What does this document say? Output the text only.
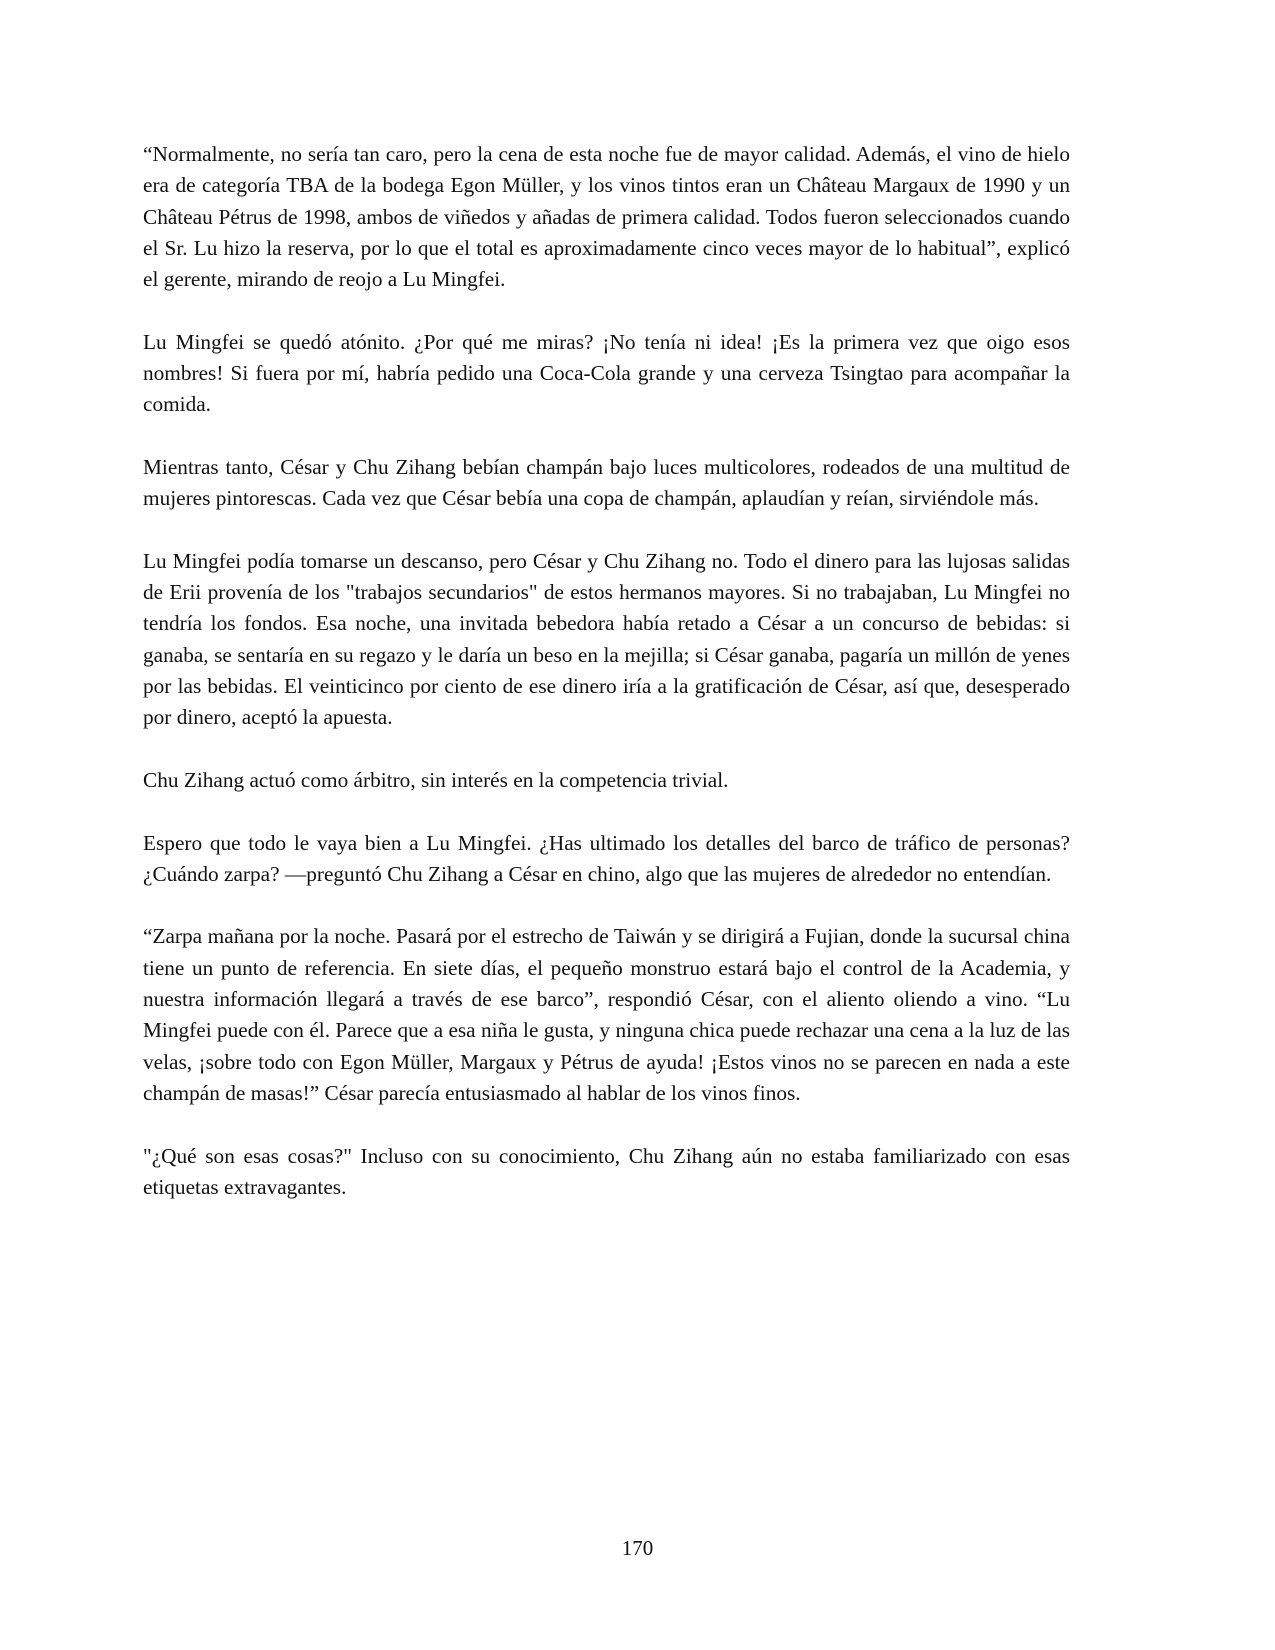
“Normalmente, no sería tan caro, pero la cena de esta noche fue de mayor calidad. Además, el vino de hielo era de categoría TBA de la bodega Egon Müller, y los vinos tintos eran un Château Margaux de 1990 y un Château Pétrus de 1998, ambos de viñedos y añadas de primera calidad. Todos fueron seleccionados cuando el Sr. Lu hizo la reserva, por lo que el total es aproximadamente cinco veces mayor de lo habitual”, explicó el gerente, mirando de reojo a Lu Mingfei.

Lu Mingfei se quedó atónito. ¿Por qué me miras? ¡No tenía ni idea! ¡Es la primera vez que oigo esos nombres! Si fuera por mí, habría pedido una Coca-Cola grande y una cerveza Tsingtao para acompañar la comida.

Mientras tanto, César y Chu Zihang bebían champán bajo luces multicolores, rodeados de una multitud de mujeres pintorescas. Cada vez que César bebía una copa de champán, aplaudían y reían, sirviéndole más.

Lu Mingfei podía tomarse un descanso, pero César y Chu Zihang no. Todo el dinero para las lujosas salidas de Erii provenía de los "trabajos secundarios" de estos hermanos mayores. Si no trabajaban, Lu Mingfei no tendría los fondos. Esa noche, una invitada bebedora había retado a César a un concurso de bebidas: si ganaba, se sentaría en su regazo y le daría un beso en la mejilla; si César ganaba, pagaría un millón de yenes por las bebidas. El veinticinco por ciento de ese dinero iría a la gratificación de César, así que, desesperado por dinero, aceptó la apuesta.

Chu Zihang actuó como árbitro, sin interés en la competencia trivial.

Espero que todo le vaya bien a Lu Mingfei. ¿Has ultimado los detalles del barco de tráfico de personas? ¿Cuándo zarpa? —preguntó Chu Zihang a César en chino, algo que las mujeres de alrededor no entendían.

“Zarpa mañana por la noche. Pasará por el estrecho de Taiwán y se dirigirá a Fujian, donde la sucursal china tiene un punto de referencia. En siete días, el pequeño monstruo estará bajo el control de la Academia, y nuestra información llegará a través de ese barco”, respondió César, con el aliento oliendo a vino. “Lu Mingfei puede con él. Parece que a esa niña le gusta, y ninguna chica puede rechazar una cena a la luz de las velas, ¡sobre todo con Egon Müller, Margaux y Pétrus de ayuda! ¡Estos vinos no se parecen en nada a este champán de masas!” César parecía entusiasmado al hablar de los vinos finos.

"¿Qué son esas cosas?" Incluso con su conocimiento, Chu Zihang aún no estaba familiarizado con esas etiquetas extravagantes.

170
